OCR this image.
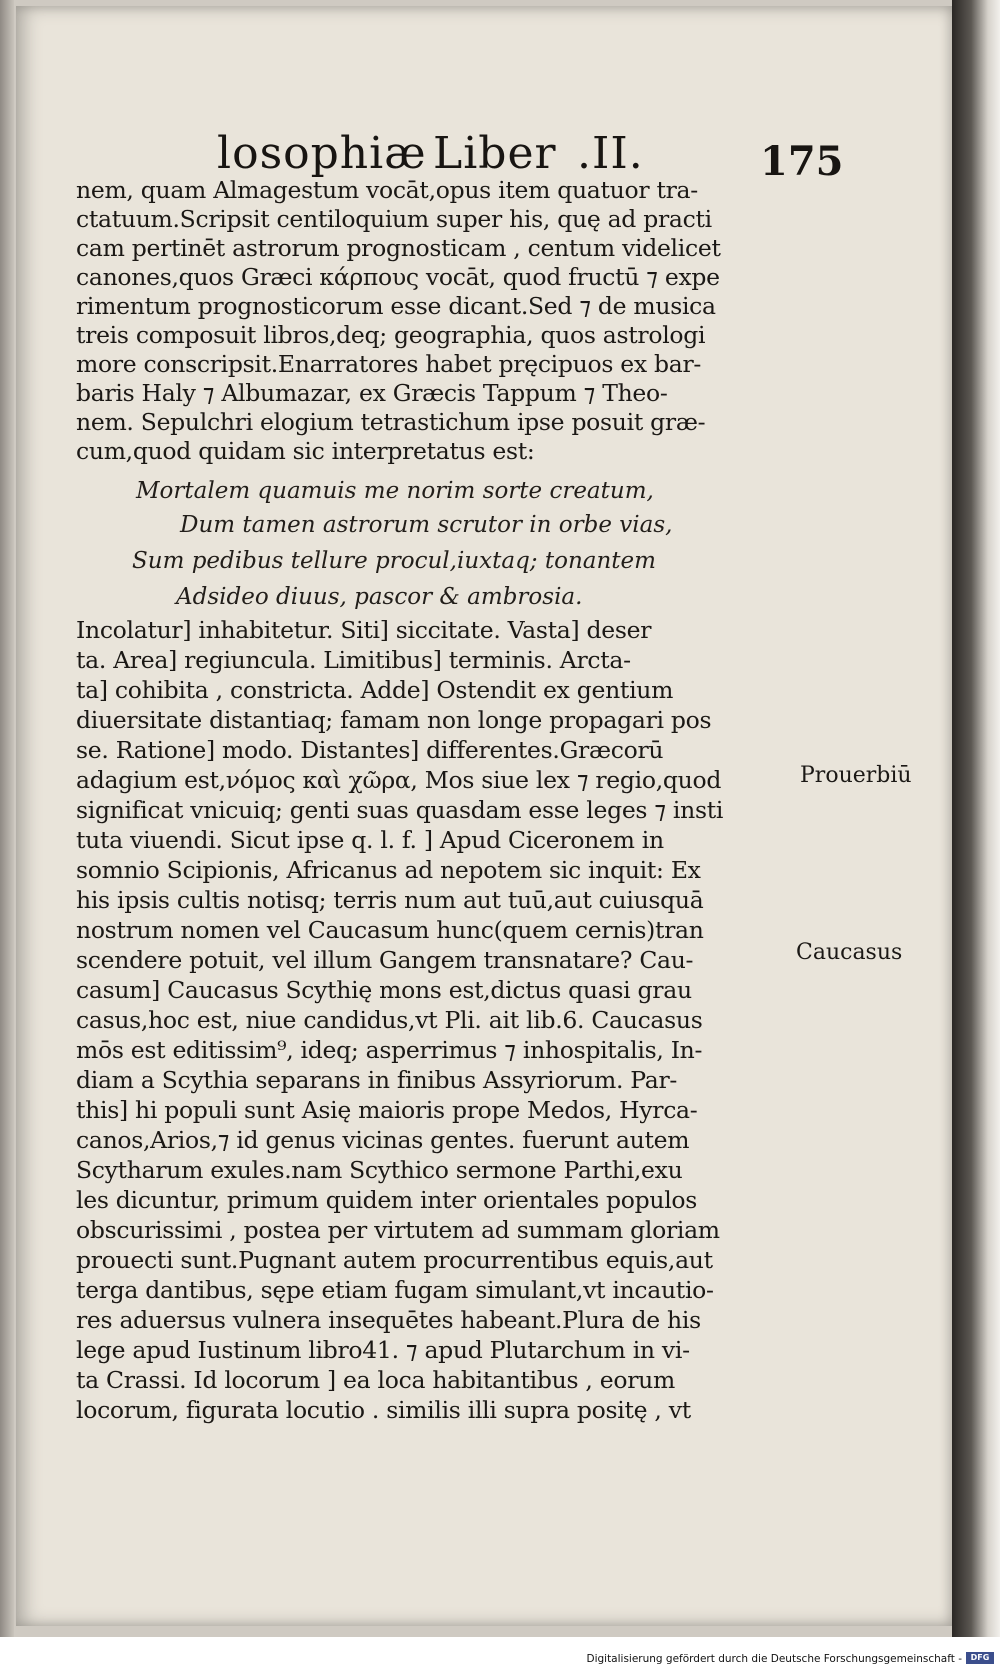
losophiæ Liber .II.	175
nem, quam Almagestum vocāt,opus item quatuor tra-
ctatuum.Scripsit centiloquium super his, quę ad practi
cam pertinēt astrorum prognosticam , centum videlicet
canones,quos Græci κάρπους vocāt, quod fructū ⁊ expe
rimentum prognosticorum esse dicant.Sed ⁊ de musica
treis composuit libros,deq; geographia, quos astrologi
more conscripsit.Enarratores habet pręcipuos ex bar-
baris Haly ⁊ Albumazar, ex Græcis Tappum ⁊ Theo-
nem. Sepulchri elogium tetrastichum ipse posuit græ-
cum,quod quidam sic interpretatus est:
Mortalem quamuis me norim sorte creatum,
Dum tamen astrorum scrutor in orbe vias,
Sum pedibus tellure procul,iuxtaq; tonantem
Adsideo diuus, pascor & ambrosia.
Incolatur] inhabitetur. Siti] siccitate. Vasta] deser
ta. Area] regiuncula. Limitibus] terminis. Arcta-
ta] cohibita , constricta. Adde] Ostendit ex gentium
diuersitate distantiaq; famam non longe propagari pos
se. Ratione] modo. Distantes] differentes.Græcorū
adagium est,νόμος καὶ χῶρα, Mos siue lex ⁊ regio,quod
significat vnicuiq; genti suas quasdam esse leges ⁊ insti
tuta viuendi. Sicut ipse q. l. f. ] Apud Ciceronem in
somnio Scipionis, Africanus ad nepotem sic inquit: Ex
his ipsis cultis notisq; terris num aut tuū,aut cuiusquā
nostrum nomen vel Caucasum hunc(quem cernis)tran
scendere potuit, vel illum Gangem transnatare? Cau-
casum] Caucasus Scythię mons est,dictus quasi grau
casus,hoc est, niue candidus,vt Pli. ait lib.6. Caucasus
mōs est editissim⁹, ideq; asperrimus ⁊ inhospitalis, In-
diam a Scythia separans in finibus Assyriorum. Par-
this] hi populi sunt Asię maioris prope Medos, Hyrca-
canos,Arios,⁊ id genus vicinas gentes. fuerunt autem
Scytharum exules.nam Scythico sermone Parthi,exu
les dicuntur, primum quidem inter orientales populos
obscurissimi , postea per virtutem ad summam gloriam
prouecti sunt.Pugnant autem procurrentibus equis,aut
terga dantibus, sępe etiam fugam simulant,vt incautio-
res aduersus vulnera insequētes habeant.Plura de his
lege apud Iustinum libro41. ⁊ apud Plutarchum in vi-
ta Crassi. Id locorum ] ea loca habitantibus , eorum
locorum, figurata locutio . similis illi supra positę , vt
Prouerbiū
Caucasus
Digitalisierung gefördert durch die Deutsche Forschungsgemeinschaft -	DFG
